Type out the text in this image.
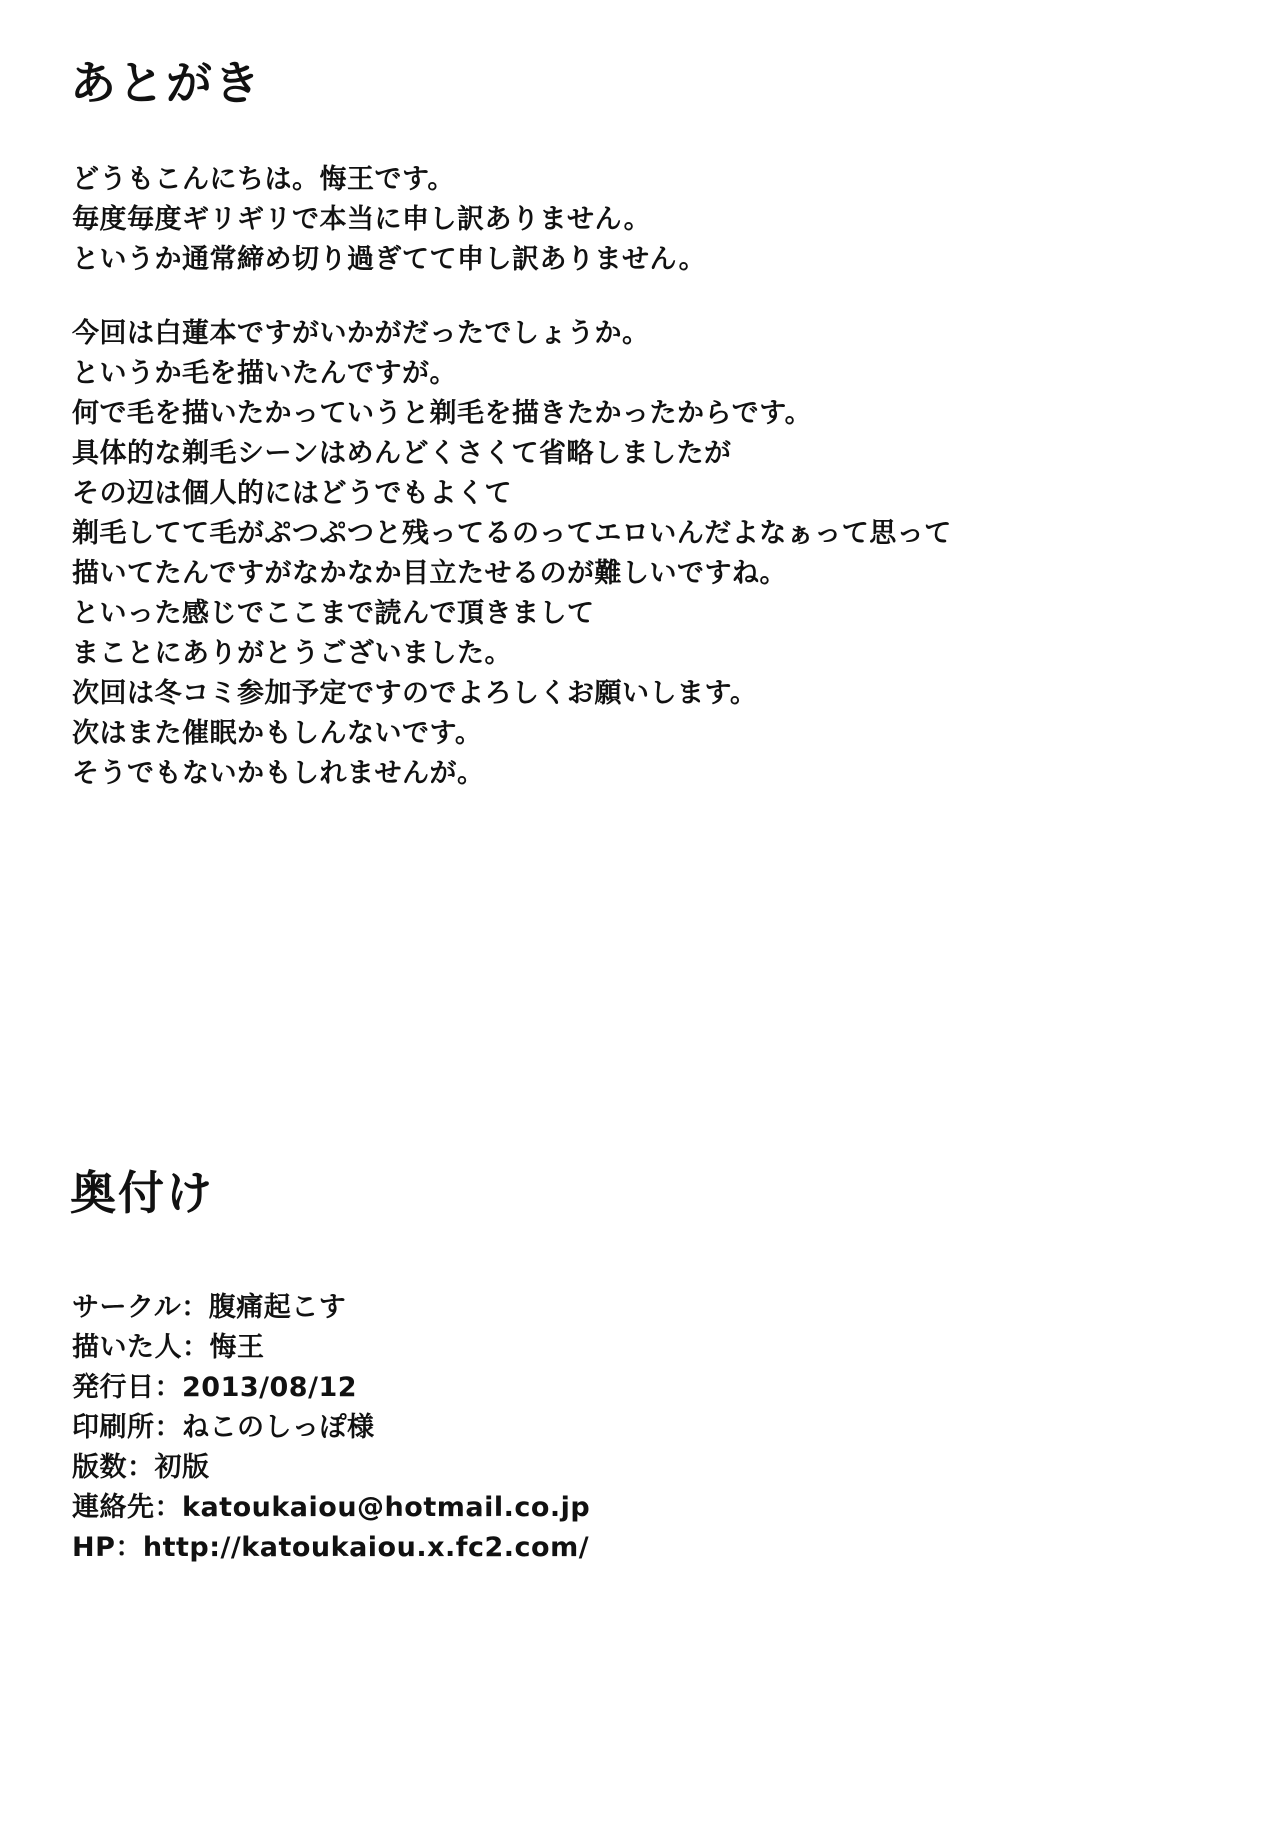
あとがき
どうもこんにちは。悔王です。
毎度毎度ギリギリで本当に申し訳ありません。
というか通常締め切り過ぎてて申し訳ありません。
今回は白蓮本ですがいかがだったでしょうか。
というか毛を描いたんですが。
何で毛を描いたかっていうと剃毛を描きたかったからです。
具体的な剃毛シーンはめんどくさくて省略しましたが
その辺は個人的にはどうでもよくて
剃毛してて毛がぷつぷつと残ってるのってエロいんだよなぁって思って
描いてたんですがなかなか目立たせるのが難しいですね。
といった感じでここまで読んで頂きまして
まことにありがとうございました。
次回は冬コミ参加予定ですのでよろしくお願いします。
次はまた催眠かもしんないです。
そうでもないかもしれませんが。
奥付け
サークル：腹痛起こす
描いた人：悔王
発行日：2013/08/12
印刷所：ねこのしっぽ様
版数：初版
連絡先：katoukaiou@hotmail.co.jp
HP：http://katoukaiou.x.fc2.com/
